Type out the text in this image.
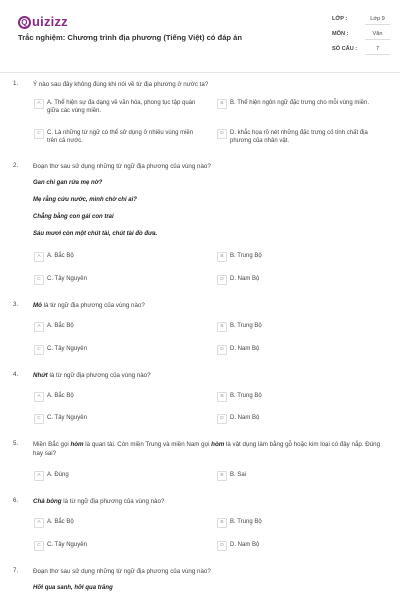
Q uizizz
Trắc nghiệm: Chương trình địa phương (Tiếng Việt) có đáp án
LỚP :	Lớp 9
MÔN :	Văn
SỐ CÂU :	7
1. Ý nào sau đây không đúng khi nói về từ địa phương ở nước ta?
A	A. Thể hiện sự đa dạng về văn hóa, phong tục tập quán giữa các vùng miền.
B	B. Thể hiện ngôn ngữ đặc trưng cho mỗi vùng miền.
C	C. Là những từ ngữ có thể sử dụng ở nhiều vùng miền trên cả nước.
D	D. khắc họa rõ nét những đặc trưng cố tính chất địa phương của nhân vật.
2. Đoạn thơ sau sử dụng những từ ngữ địa phương của vùng nào?
Gan chi gan rứa mẹ nờ?
Mẹ rằng cứu nước, mình chờ chi ai?
Chẳng bằng con gái con trai
Sáu mươi còn một chút tài, chút tài đò đưa.
A	A. Bắc Bộ	B	B. Trung Bộ
C	C. Tây Nguyên	D	D. Nam Bộ
3. Mô là từ ngữ địa phương của vùng nào?
A	A. Bắc Bộ	B	B. Trung Bộ
C	C. Tây Nguyên	D	D. Nam Bộ
4. Nhứt là từ ngữ địa phương của vùng nào?
A	A. Bắc Bộ	B	B. Trung Bộ
C	C. Tây Nguyên	D	D. Nam Bộ
5. Miền Bắc gọi hòm là quan tài. Còn miền Trung và miền Nam gọi hòm là vật dụng làm bằng gỗ hoặc kim loại có đậy nắp. Đúng hay sai?
A	A. Đúng	B	B. Sai
6. Chả bông là từ ngữ địa phương của vùng nào?
A	A. Bắc Bộ	B	B. Trung Bộ
C	C. Tây Nguyên	D	D. Nam Bộ
7. Đoạn thơ sau sử dụng những từ ngữ địa phương của vùng nào?
Hỡi qua sanh, hỡi qua trăng
